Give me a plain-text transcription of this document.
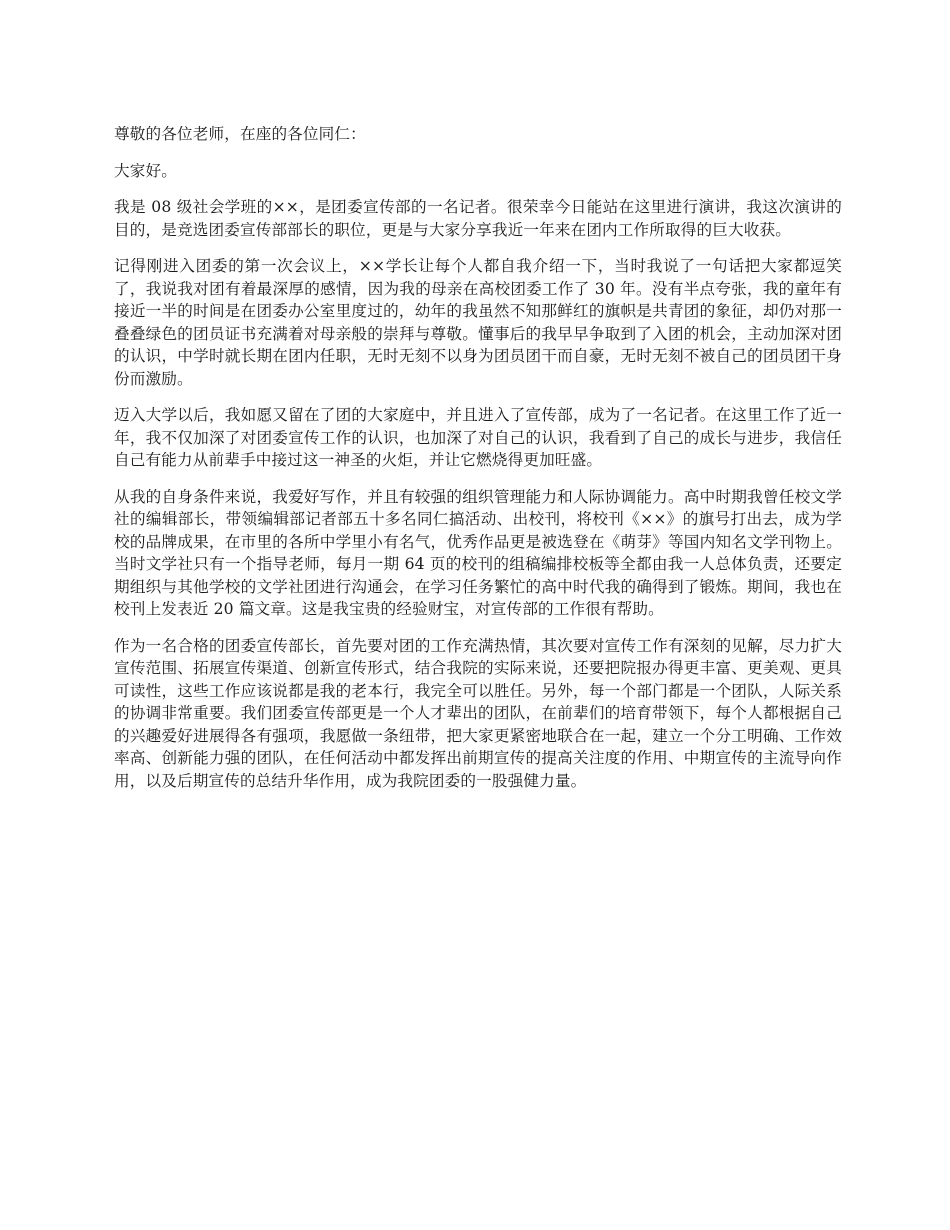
尊敬的各位老师，在座的各位同仁：

大家好。

我是 08 级社会学班的××，是团委宣传部的一名记者。很荣幸今日能站在这里进行演讲，我这次演讲的目的，是竞选团委宣传部部长的职位，更是与大家分享我近一年来在团内工作所取得的巨大收获。

记得刚进入团委的第一次会议上，××学长让每个人都自我介绍一下，当时我说了一句话把大家都逗笑了，我说我对团有着最深厚的感情，因为我的母亲在高校团委工作了 30 年。没有半点夸张，我的童年有接近一半的时间是在团委办公室里度过的，幼年的我虽然不知那鲜红的旗帜是共青团的象征，却仍对那一叠叠绿色的团员证书充满着对母亲般的崇拜与尊敬。懂事后的我早早争取到了入团的机会，主动加深对团的认识，中学时就长期在团内任职，无时无刻不以身为团员团干而自豪，无时无刻不被自己的团员团干身份而激励。

迈入大学以后，我如愿又留在了团的大家庭中，并且进入了宣传部，成为了一名记者。在这里工作了近一年，我不仅加深了对团委宣传工作的认识，也加深了对自己的认识，我看到了自己的成长与进步，我信任自己有能力从前辈手中接过这一神圣的火炬，并让它燃烧得更加旺盛。

从我的自身条件来说，我爱好写作，并且有较强的组织管理能力和人际协调能力。高中时期我曾任校文学社的编辑部长，带领编辑部记者部五十多名同仁搞活动、出校刊，将校刊《××》的旗号打出去，成为学校的品牌成果，在市里的各所中学里小有名气，优秀作品更是被选登在《萌芽》等国内知名文学刊物上。当时文学社只有一个指导老师，每月一期 64 页的校刊的组稿编排校板等全都由我一人总体负责，还要定期组织与其他学校的文学社团进行沟通会，在学习任务繁忙的高中时代我的确得到了锻炼。期间，我也在校刊上发表近 20 篇文章。这是我宝贵的经验财宝，对宣传部的工作很有帮助。

作为一名合格的团委宣传部长，首先要对团的工作充满热情，其次要对宣传工作有深刻的见解，尽力扩大宣传范围、拓展宣传渠道、创新宣传形式，结合我院的实际来说，还要把院报办得更丰富、更美观、更具可读性，这些工作应该说都是我的老本行，我完全可以胜任。另外，每一个部门都是一个团队，人际关系的协调非常重要。我们团委宣传部更是一个人才辈出的团队，在前辈们的培育带领下，每个人都根据自己的兴趣爱好进展得各有强项，我愿做一条纽带，把大家更紧密地联合在一起，建立一个分工明确、工作效率高、创新能力强的团队，在任何活动中都发挥出前期宣传的提高关注度的作用、中期宣传的主流导向作用，以及后期宣传的总结升华作用，成为我院团委的一股强健力量。
